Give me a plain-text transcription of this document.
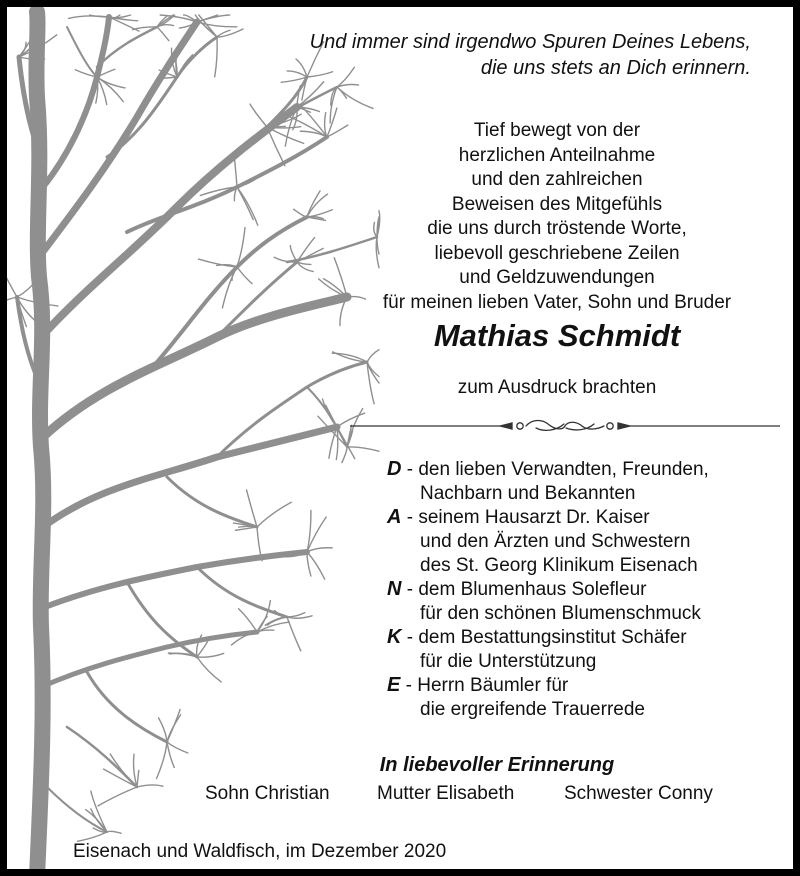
Und immer sind irgendwo Spuren Deines Lebens,
die uns stets an Dich erinnern.
Tief bewegt von der
herzlichen Anteilnahme
und den zahlreichen
Beweisen des Mitgefühls
die uns durch tröstende Worte,
liebevoll geschriebene Zeilen
und Geldzuwendungen
für meinen lieben Vater, Sohn und Bruder
Mathias Schmidt
zum Ausdruck brachten
D - den lieben Verwandten, Freunden,
Nachbarn und Bekannten
A - seinem Hausarzt Dr. Kaiser
und den Ärzten und Schwestern
des St. Georg Klinikum Eisenach
N - dem Blumenhaus Solefleur
für den schönen Blumenschmuck
K - dem Bestattungsinstitut Schäfer
für die Unterstützung
E - Herrn Bäumler für
die ergreifende Trauerrede
In liebevoller Erinnerung
Sohn Christian Mutter Elisabeth	Schwester Conny
Eisenach und Waldfisch, im Dezember 2020
